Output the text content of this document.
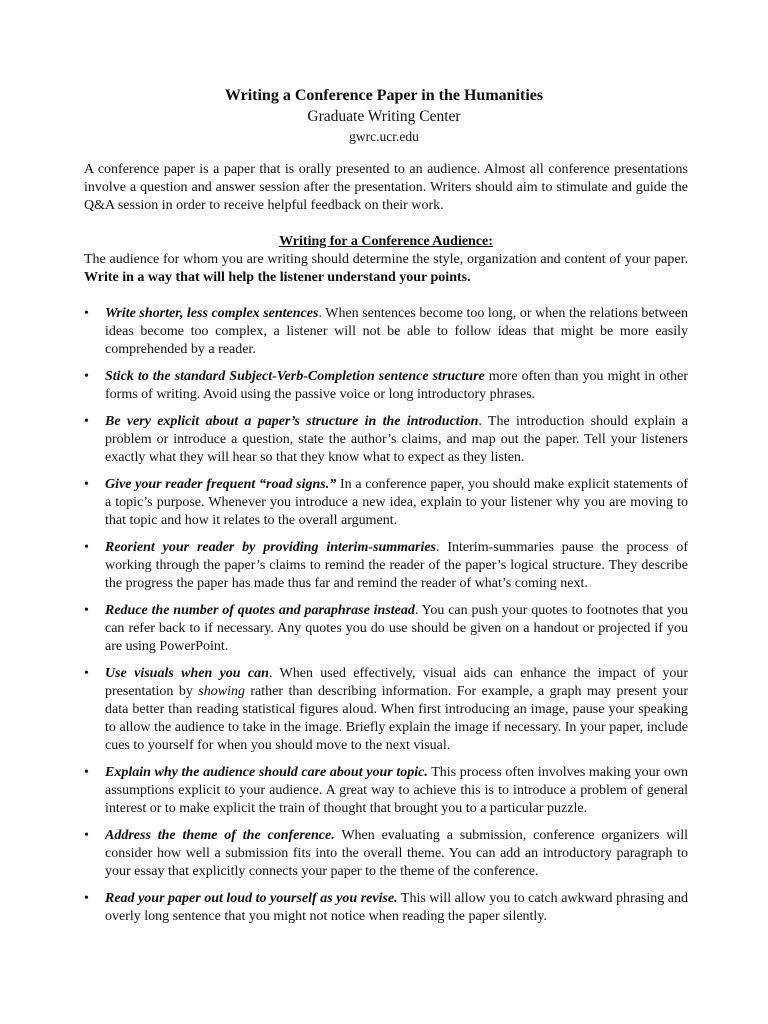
Writing a Conference Paper in the Humanities
Graduate Writing Center
gwrc.ucr.edu

A conference paper is a paper that is orally presented to an audience. Almost all conference presentations involve a question and answer session after the presentation. Writers should aim to stimulate and guide the Q&A session in order to receive helpful feedback on their work.

Writing for a Conference Audience:

The audience for whom you are writing should determine the style, organization and content of your paper. Write in a way that will help the listener understand your points.

• Write shorter, less complex sentences. When sentences become too long, or when the relations between ideas become too complex, a listener will not be able to follow ideas that might be more easily comprehended by a reader.
• Stick to the standard Subject-Verb-Completion sentence structure more often than you might in other forms of writing. Avoid using the passive voice or long introductory phrases.
• Be very explicit about a paper’s structure in the introduction. The introduction should explain a problem or introduce a question, state the author’s claims, and map out the paper. Tell your listeners exactly what they will hear so that they know what to expect as they listen.
• Give your reader frequent “road signs.” In a conference paper, you should make explicit statements of a topic’s purpose. Whenever you introduce a new idea, explain to your listener why you are moving to that topic and how it relates to the overall argument.
• Reorient your reader by providing interim-summaries. Interim-summaries pause the process of working through the paper’s claims to remind the reader of the paper’s logical structure. They describe the progress the paper has made thus far and remind the reader of what’s coming next.
• Reduce the number of quotes and paraphrase instead. You can push your quotes to footnotes that you can refer back to if necessary. Any quotes you do use should be given on a handout or projected if you are using PowerPoint.
• Use visuals when you can. When used effectively, visual aids can enhance the impact of your presentation by showing rather than describing information. For example, a graph may present your data better than reading statistical figures aloud. When first introducing an image, pause your speaking to allow the audience to take in the image. Briefly explain the image if necessary. In your paper, include cues to yourself for when you should move to the next visual.
• Explain why the audience should care about your topic. This process often involves making your own assumptions explicit to your audience. A great way to achieve this is to introduce a problem of general interest or to make explicit the train of thought that brought you to a particular puzzle.
• Address the theme of the conference. When evaluating a submission, conference organizers will consider how well a submission fits into the overall theme. You can add an introductory paragraph to your essay that explicitly connects your paper to the theme of the conference.
• Read your paper out loud to yourself as you revise. This will allow you to catch awkward phrasing and overly long sentence that you might not notice when reading the paper silently.
